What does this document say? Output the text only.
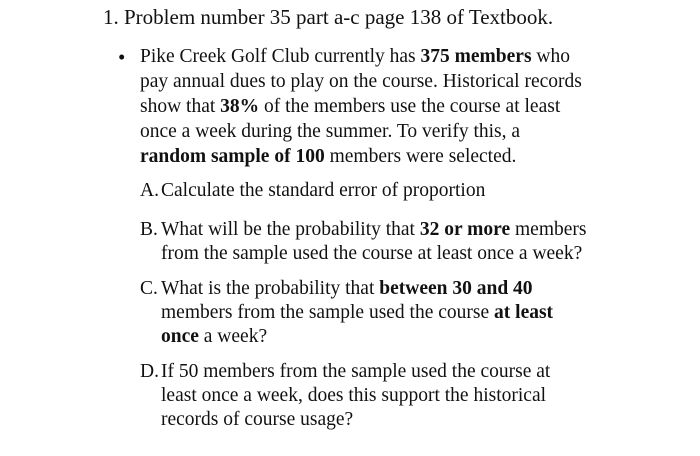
1. Problem number 35 part a-c page 138 of Textbook.
• Pike Creek Golf Club currently has 375 members who
pay annual dues to play on the course. Historical records
show that 38% of the members use the course at least
once a week during the summer. To verify this, a
random sample of 100 members were selected.
A. Calculate the standard error of proportion
B. What will be the probability that 32 or more members
from the sample used the course at least once a week?
C. What is the probability that between 30 and 40
members from the sample used the course at least
once a week?
D. If 50 members from the sample used the course at
least once a week, does this support the historical
records of course usage?
